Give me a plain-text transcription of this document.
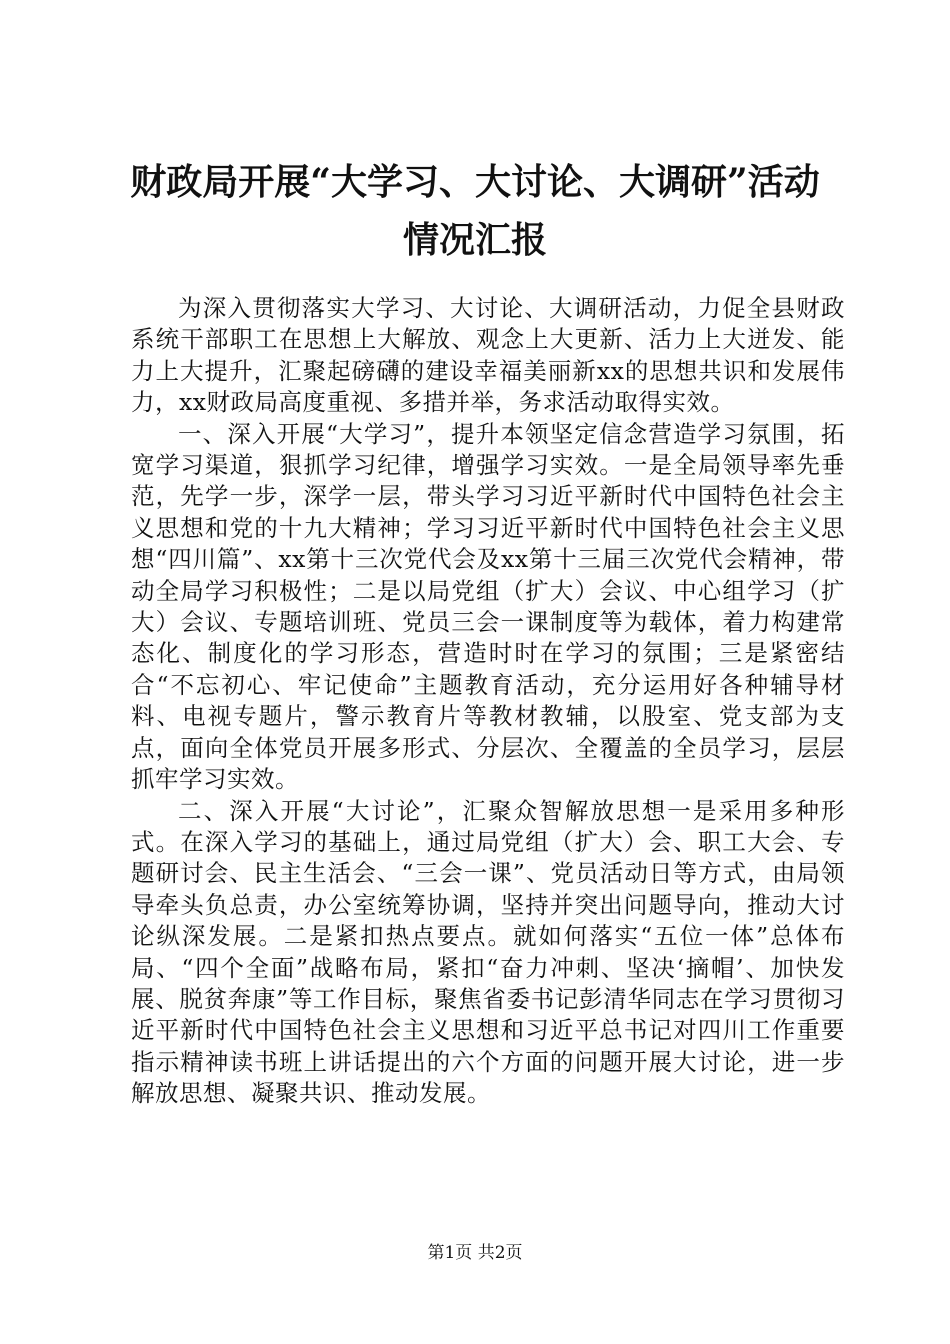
财政局开展“大学习、大讨论、大调研”活动
情况汇报

为深入贯彻落实大学习、大讨论、大调研活动，力促全县财政系统干部职工在思想上大解放、观念上大更新、活力上大迸发、能力上大提升，汇聚起磅礴的建设幸福美丽新xx的思想共识和发展伟力，xx财政局高度重视、多措并举，务求活动取得实效。

一、深入开展“大学习”，提升本领坚定信念营造学习氛围，拓宽学习渠道，狠抓学习纪律，增强学习实效。一是全局领导率先垂范，先学一步，深学一层，带头学习习近平新时代中国特色社会主义思想和党的十九大精神；学习习近平新时代中国特色社会主义思想“四川篇”、xx第十三次党代会及xx第十三届三次党代会精神，带动全局学习积极性；二是以局党组（扩大）会议、中心组学习（扩大）会议、专题培训班、党员三会一课制度等为载体，着力构建常态化、制度化的学习形态，营造时时在学习的氛围；三是紧密结合“不忘初心、牢记使命”主题教育活动，充分运用好各种辅导材料、电视专题片，警示教育片等教材教辅，以股室、党支部为支点，面向全体党员开展多形式、分层次、全覆盖的全员学习，层层抓牢学习实效。

二、深入开展“大讨论”，汇聚众智解放思想一是采用多种形式。在深入学习的基础上，通过局党组（扩大）会、职工大会、专题研讨会、民主生活会、“三会一课”、党员活动日等方式，由局领导牵头负总责，办公室统筹协调，坚持并突出问题导向，推动大讨论纵深发展。二是紧扣热点要点。就如何落实“五位一体”总体布局、“四个全面”战略布局，紧扣“奋力冲刺、坚决‘摘帽’、加快发展、脱贫奔康”等工作目标，聚焦省委书记彭清华同志在学习贯彻习近平新时代中国特色社会主义思想和习近平总书记对四川工作重要指示精神读书班上讲话提出的六个方面的问题开展大讨论，进一步解放思想、凝聚共识、推动发展。

第1页 共2页
